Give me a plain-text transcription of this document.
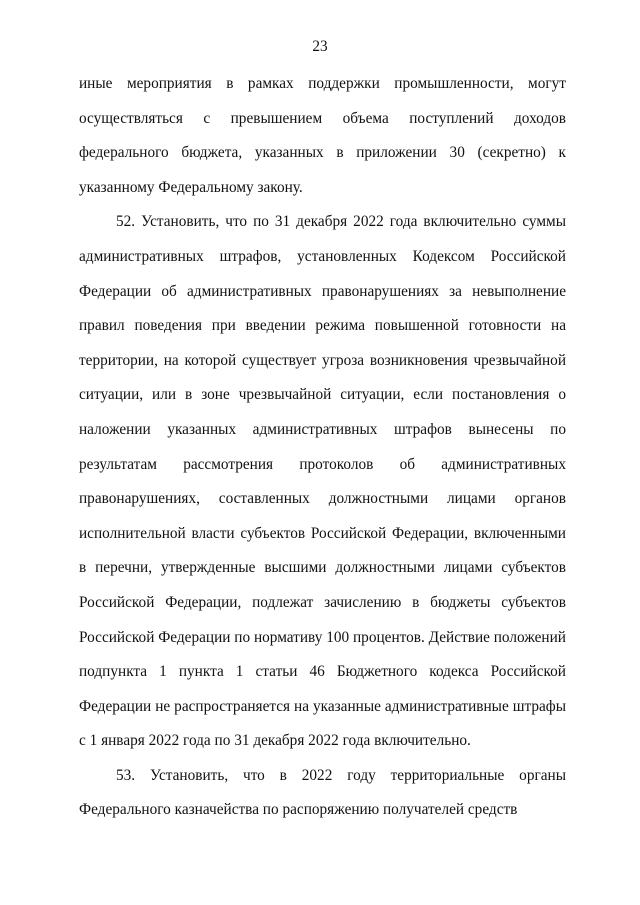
23

иные мероприятия в рамках поддержки промышленности, могут осуществляться с превышением объема поступлений доходов федерального бюджета, указанных в приложении 30 (секретно) к указанному Федеральному закону.

52. Установить, что по 31 декабря 2022 года включительно суммы административных штрафов, установленных Кодексом Российской Федерации об административных правонарушениях за невыполнение правил поведения при введении режима повышенной готовности на территории, на которой существует угроза возникновения чрезвычайной ситуации, или в зоне чрезвычайной ситуации, если постановления о наложении указанных административных штрафов вынесены по результатам рассмотрения протоколов об административных правонарушениях, составленных должностными лицами органов исполнительной власти субъектов Российской Федерации, включенными в перечни, утвержденные высшими должностными лицами субъектов Российской Федерации, подлежат зачислению в бюджеты субъектов Российской Федерации по нормативу 100 процентов. Действие положений подпункта 1 пункта 1 статьи 46 Бюджетного кодекса Российской Федерации не распространяется на указанные административные штрафы с 1 января 2022 года по 31 декабря 2022 года включительно.

53. Установить, что в 2022 году территориальные органы Федерального казначейства по распоряжению получателей средств
